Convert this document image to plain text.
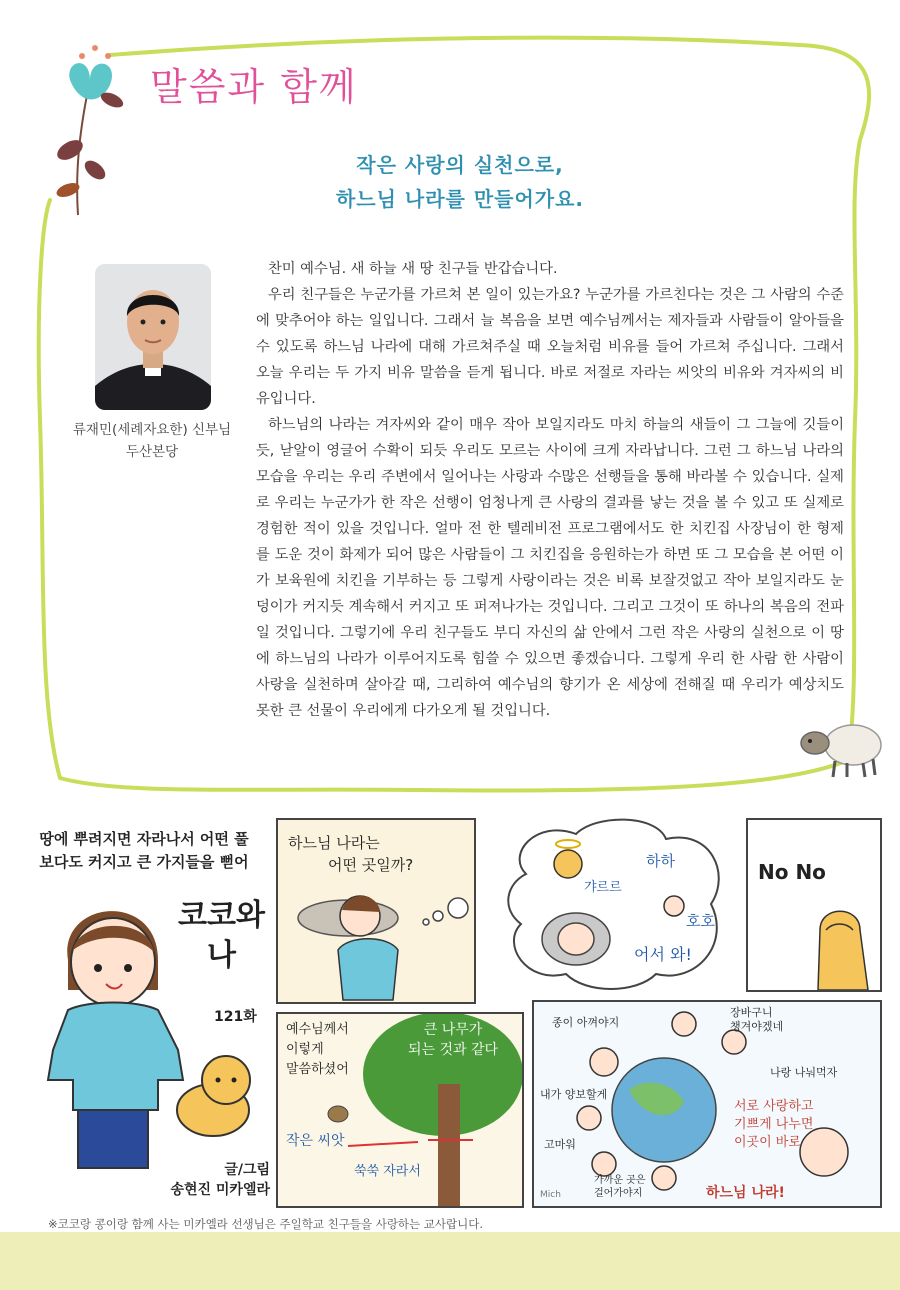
말씀과 함께
작은 사랑의 실천으로,
하느님 나라를 만들어가요.
류재민(세례자요한) 신부님
두산본당

찬미 예수님. 새 하늘 새 땅 친구들 반갑습니다.

우리 친구들은 누군가를 가르쳐 본 일이 있는가요? 누군가를 가르친다는 것은 그 사람의 수준에 맞추어야 하는 일입니다. 그래서 늘 복음을 보면 예수님께서는 제자들과 사람들이 알아들을 수 있도록 하느님 나라에 대해 가르쳐주실 때 오늘처럼 비유를 들어 가르쳐 주십니다. 그래서 오늘 우리는 두 가지 비유 말씀을 듣게 됩니다. 바로 저절로 자라는 씨앗의 비유와 겨자씨의 비유입니다.

하느님의 나라는 겨자씨와 같이 매우 작아 보일지라도 마치 하늘의 새들이 그 그늘에 깃들이듯, 낟알이 영글어 수확이 되듯 우리도 모르는 사이에 크게 자라납니다. 그런 그 하느님 나라의 모습을 우리는 우리 주변에서 일어나는 사랑과 수많은 선행들을 통해 바라볼 수 있습니다. 실제로 우리는 누군가가 한 작은 선행이 엄청나게 큰 사랑의 결과를 낳는 것을 볼 수 있고 또 실제로 경험한 적이 있을 것입니다. 얼마 전 한 텔레비전 프로그램에서도 한 치킨집 사장님이 한 형제를 도운 것이 화제가 되어 많은 사람들이 그 치킨집을 응원하는가 하면 또 그 모습을 본 어떤 이가 보육원에 치킨을 기부하는 등 그렇게 사랑이라는 것은 비록 보잘것없고 작아 보일지라도 눈덩이가 커지듯 계속해서 커지고 또 퍼져나가는 것입니다. 그리고 그것이 또 하나의 복음의 전파일 것입니다. 그렇기에 우리 친구들도 부디 자신의 삶 안에서 그런 작은 사랑의 실천으로 이 땅에 하느님의 나라가 이루어지도록 힘쓸 수 있으면 좋겠습니다. 그렇게 우리 한 사람 한 사람이 사랑을 실천하며 살아갈 때, 그리하여 예수님의 향기가 온 세상에 전해질 때 우리가 예상치도 못한 큰 선물이 우리에게 다가오게 될 것입니다.

땅에 뿌려지면 자라나서 어떤 풀
보다도 커지고 큰 가지들을 뻗어
코코와
나
121화
글/그림
송현진 미카엘라
하느님 나라는
어떤 곳일까?	하하
갸르르
호호
어서 와!
No No
예수님께서
이렇게
말씀하셨어
큰 나무가
되는 것과 같다
작은 씨앗
쑥쑥 자라서
종이 아껴야지
장바구니
챙겨야겠네
내가 양보할게
나랑 나눠먹자
고마워
서로 사랑하고
기쁘게 나누면
이곳이 바로
가까운 곳은
걸어가야지	하느님 나라!
Mich
※코코랑 콩이랑 함께 사는 미카엘라 선생님은 주일학교 친구들을 사랑하는 교사랍니다.
